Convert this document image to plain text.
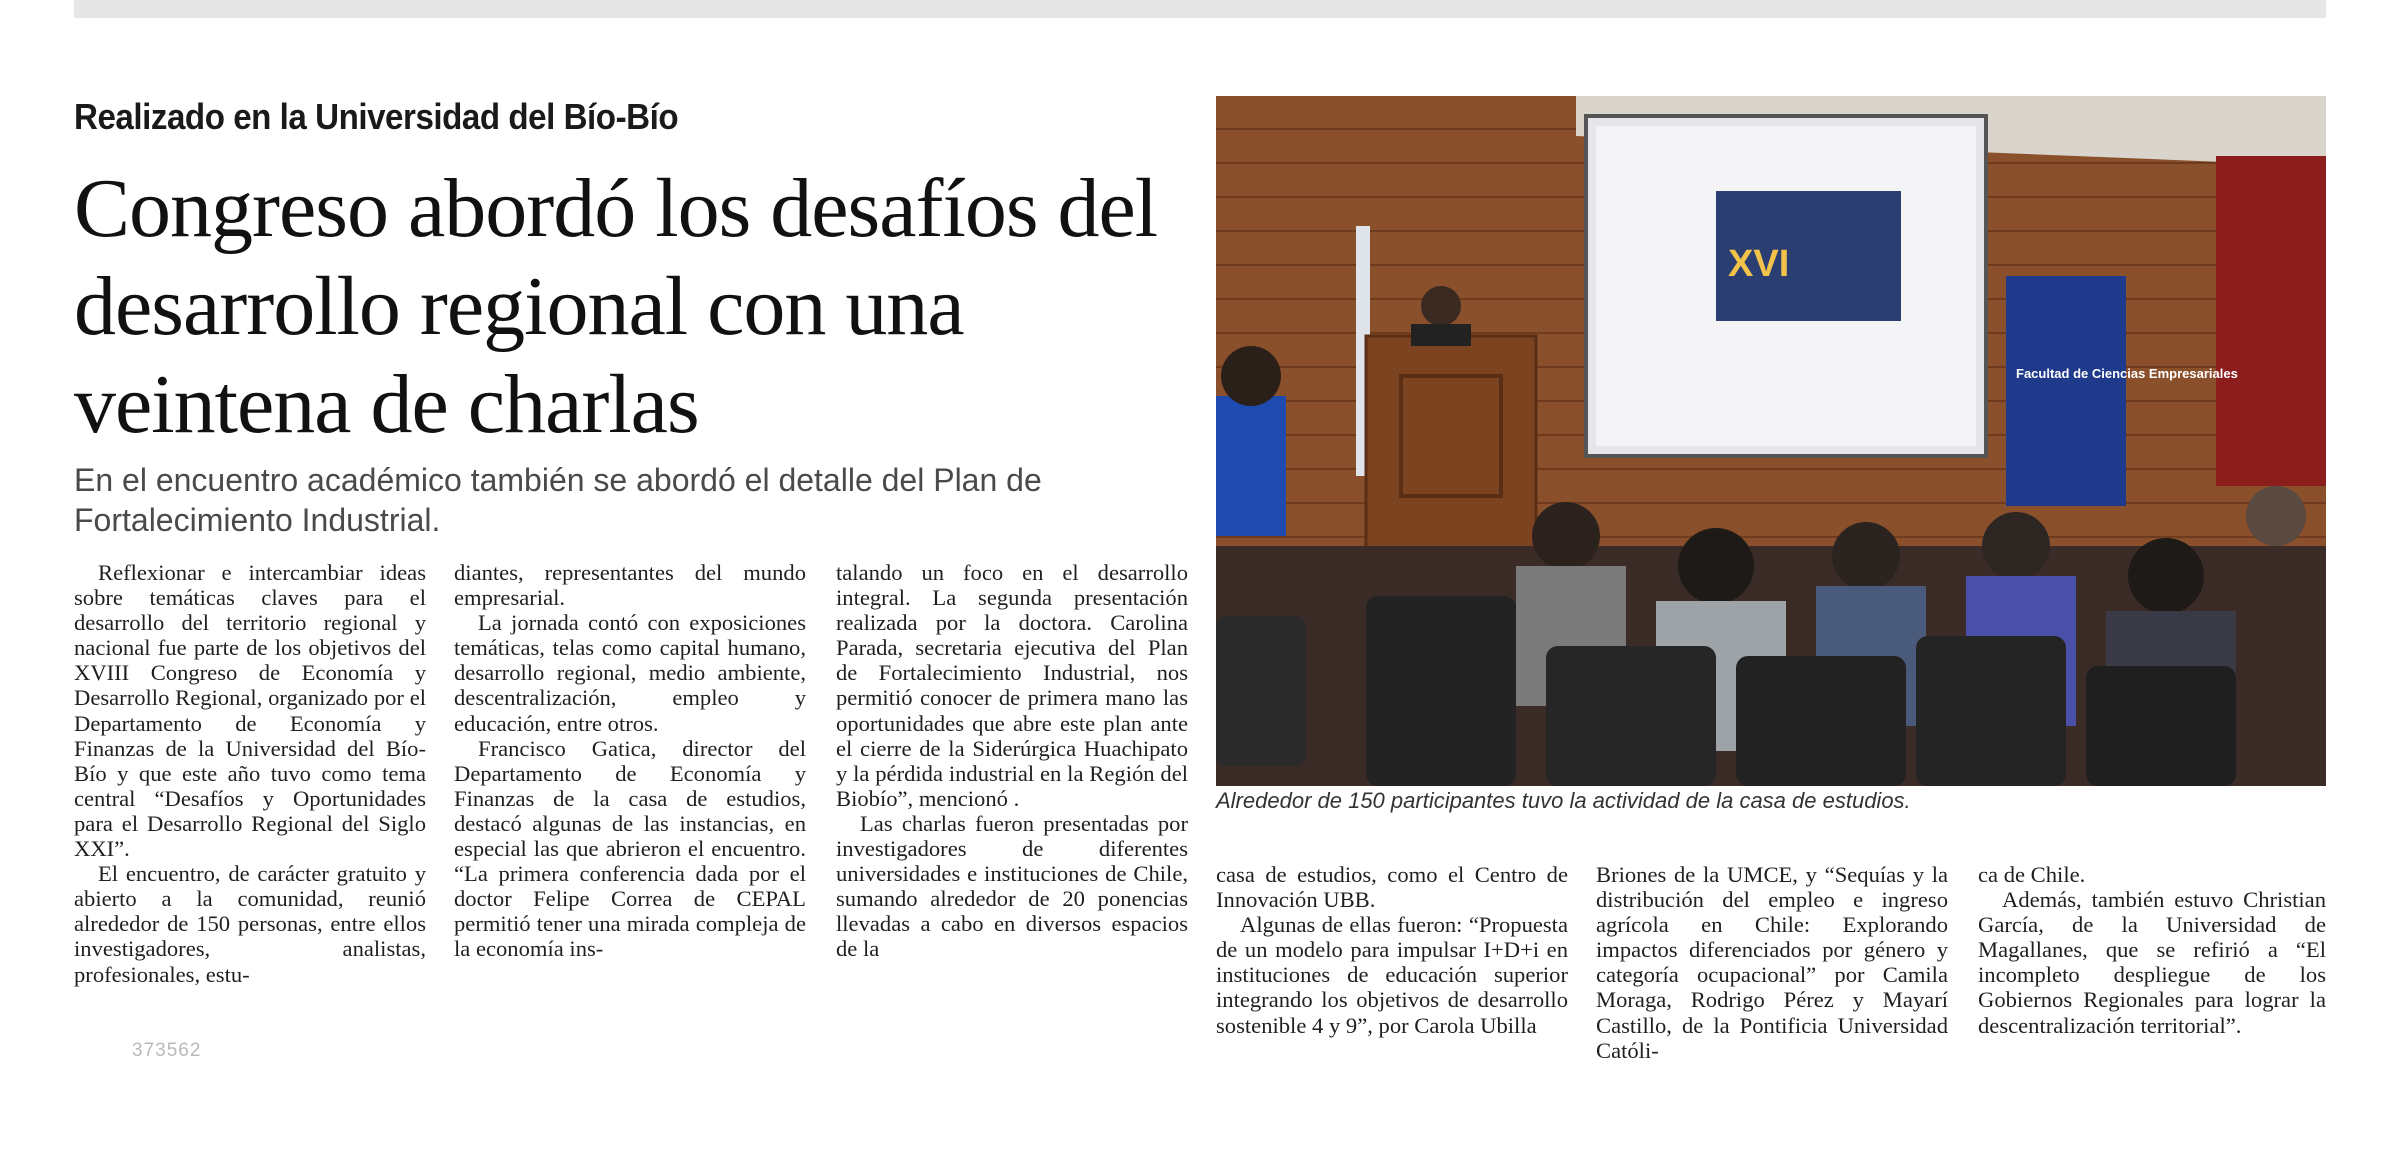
Realizado en la Universidad del Bío-Bío
Congreso abordó los desafíos del desarrollo regional con una veintena de charlas

En el encuentro académico también se abordó el detalle del Plan de Fortalecimiento Industrial.

Reflexionar e intercambiar ideas sobre temáticas claves para el desarrollo del territorio regional y nacional fue parte de los objetivos del XVIII Congreso de Economía y Desarrollo Regional, organizado por el Departamento de Economía y Finanzas de la Universidad del Bío-Bío y que este año tuvo como tema central “Desafíos y Oportunidades para el Desarrollo Regional del Siglo XXI”.

El encuentro, de carácter gratuito y abierto a la comunidad, reunió alrededor de 150 personas, entre ellos investigadores, analistas, profesionales, estu-

diantes, representantes del mundo empresarial.

La jornada contó con exposiciones temáticas, telas como capital humano, desarrollo regional, medio ambiente, descentralización, empleo y educación, entre otros.

Francisco Gatica, director del Departamento de Economía y Finanzas de la casa de estudios, destacó algunas de las instancias, en especial las que abrieron el encuentro. “La primera conferencia dada por el doctor Felipe Correa de CEPAL permitió tener una mirada compleja de la economía ins-

talando un foco en el desarrollo integral. La segunda presentación realizada por la doctora. Carolina Parada, secretaria ejecutiva del Plan de Fortalecimiento Industrial, nos permitió conocer de primera mano las oportunidades que abre este plan ante el cierre de la Siderúrgica Huachipato y la pérdida industrial en la Región del Biobío”, mencionó .

Las charlas fueron presentadas por investigadores de diferentes universidades e instituciones de Chile, sumando alrededor de 20 ponencias llevadas a cabo en diversos espacios de la

casa de estudios, como el Centro de Innovación UBB.

Algunas de ellas fueron: “Propuesta de un modelo para impulsar I+D+i en instituciones de educación superior integrando los objetivos de desarrollo sostenible 4 y 9”, por Carola Ubilla

Briones de la UMCE, y “Sequías y la distribución del empleo e ingreso agrícola en Chile: Explorando impactos diferenciados por género y categoría ocupacional” por Camila Moraga, Rodrigo Pérez y Mayarí Castillo, de la Pontificia Universidad Católi-

ca de Chile.

Además, también estuvo Christian García, de la Universidad de Magallanes, que se refirió a “El incompleto despliegue de los Gobiernos Regionales para lograr la descentralización territorial”.

XVI
Facultad de Ciencias Empresariales

Alrededor de 150 participantes tuvo la actividad de la casa de estudios.

373562
